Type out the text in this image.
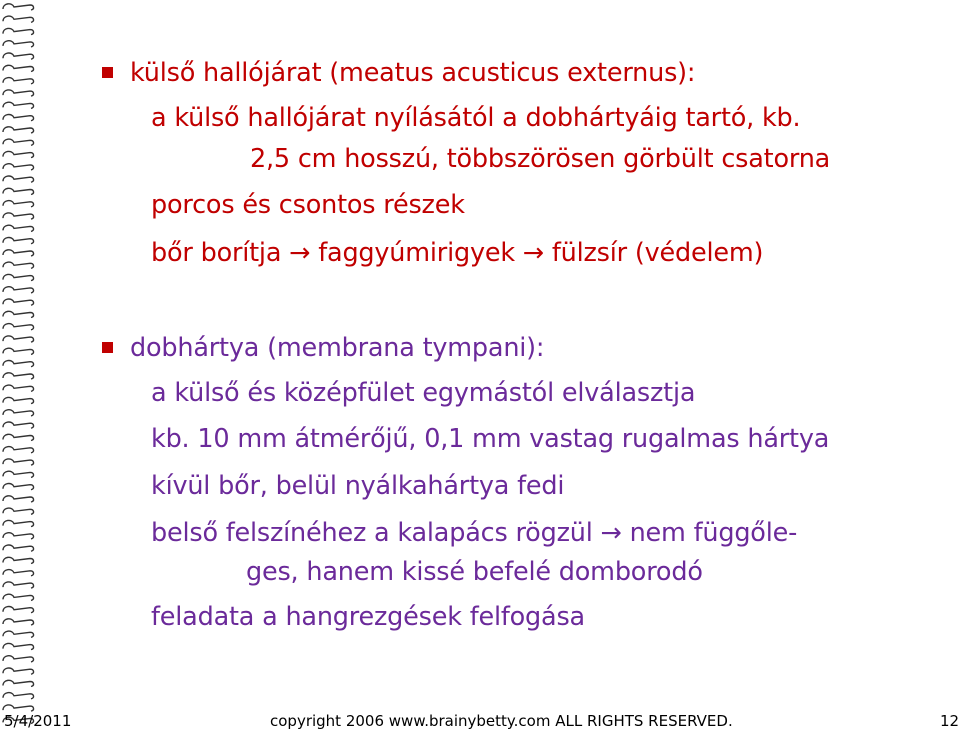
külső hallójárat (meatus acusticus externus):
a külső hallójárat nyílásától a dobhártyáig tartó, kb.
2,5 cm hosszú, többszörösen görbült csatorna
porcos és csontos részek
bőr borítja → faggyúmirigyek → fülzsír (védelem)
dobhártya (membrana tympani):
a külső és középfület egymástól elválasztja
kb. 10 mm átmérőjű, 0,1 mm vastag rugalmas hártya
kívül bőr, belül nyálkahártya fedi
belső felszínéhez a kalapács rögzül → nem függőle-
ges, hanem kissé befelé domborodó
feladata a hangrezgések felfogása
5/4/2011	copyright 2006 www.brainybetty.com ALL RIGHTS RESERVED.	12
